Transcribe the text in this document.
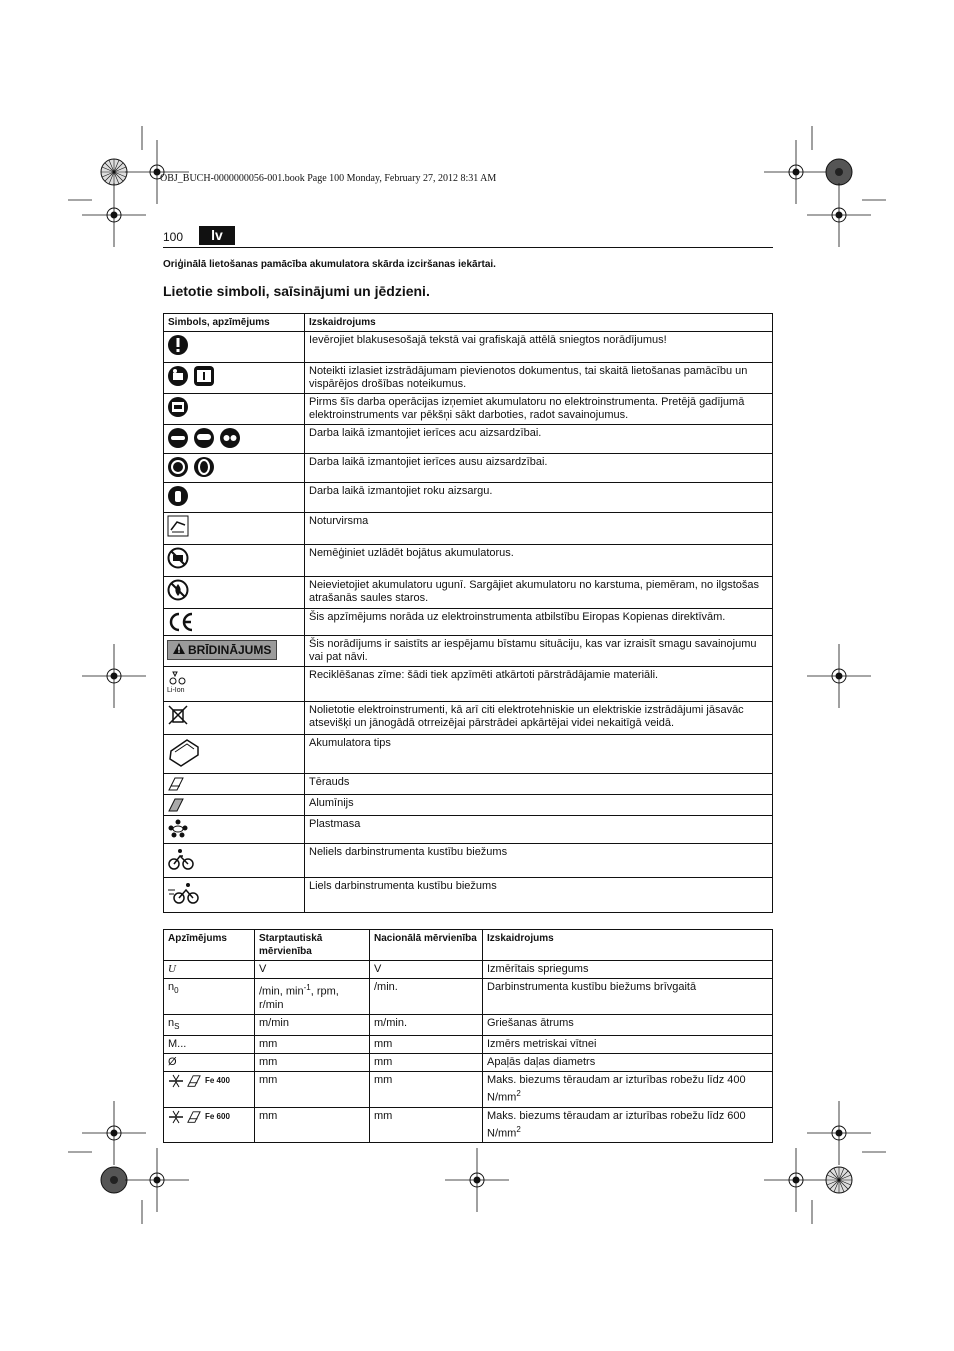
OBJ_BUCH-0000000056-001.book Page 100 Monday, February 27, 2012 8:31 AM
100	lv
Oriģinālā lietošanas pamācība akumulatora skārda izciršanas iekārtai.
Lietotie simboli, saīsinājumi un jēdzieni.
Simbols, apzīmējums	Izskaidrojums

	Ievērojiet blakusesošajā tekstā vai grafiskajā attēlā sniegtos norādījumus!

	Noteikti izlasiet izstrādājumam pievienotos dokumentus, tai skaitā lietošanas pamācību un vispārējos drošības noteikumus.

	Pirms šīs darba operācijas izņemiet akumulatoru no elektroinstrumenta. Pretējā gadījumā elektroinstruments var pēkšņi sākt darboties, radot savainojumus.

	Darba laikā izmantojiet ierīces acu aizsardzībai.

	Darba laikā izmantojiet ierīces ausu aizsardzībai.

	Darba laikā izmantojiet roku aizsargu.

	Noturvirsma

	Nemēģiniet uzlādēt bojātus akumulatorus.

	Neievietojiet akumulatoru ugunī. Sargājiet akumulatoru no karstuma, piemēram, no ilgstošas atrašanās saules staros.

	Šis apzīmējums norāda uz elektroinstrumenta atbilstību Eiropas Kopienas direktīvām.

BRĪDINĀJUMS	Šis norādījums ir saistīts ar iespējamu bīstamu situāciju, kas var izraisīt smagu savainojumu vai pat nāvi.

Li-Ion	Reciklēšanas zīme: šādi tiek apzīmēti atkārtoti pārstrādājamie materiāli.

	Nolietotie elektroinstrumenti, kā arī citi elektrotehniskie un elektriskie izstrādājumi jāsavāc atsevišķi un jānogādā otrreizējai pārstrādei apkārtējai videi nekaitīgā veidā.

	Akumulatora tips

	Tērauds

	Alumīnijs

	Plastmasa

	Neliels darbinstrumenta kustību biežums

	Liels darbinstrumenta kustību biežums
Apzīmējums	Starptautiskā mērvienība	Nacionālā mērvienība	Izskaidrojums
U	V	V	Izmērītais spriegums
$n_0$	/min, $\min^{-1}$, rpm, r/min	/min.	Darbinstrumenta kustību biežums brīvgaitā
$n_S$	m/min	m/min.	Griešanas ātrums
M...	mm	mm	Izmērs metriskai vītnei
Ø	mm	mm	Apaļās daļas diametrs
Fe 400	mm	mm	Maks. biezums tēraudam ar izturības robežu līdz 400 $N/mm^2$
Fe 600	mm	mm	Maks. biezums tēraudam ar izturības robežu līdz 600 $N/mm^2$
